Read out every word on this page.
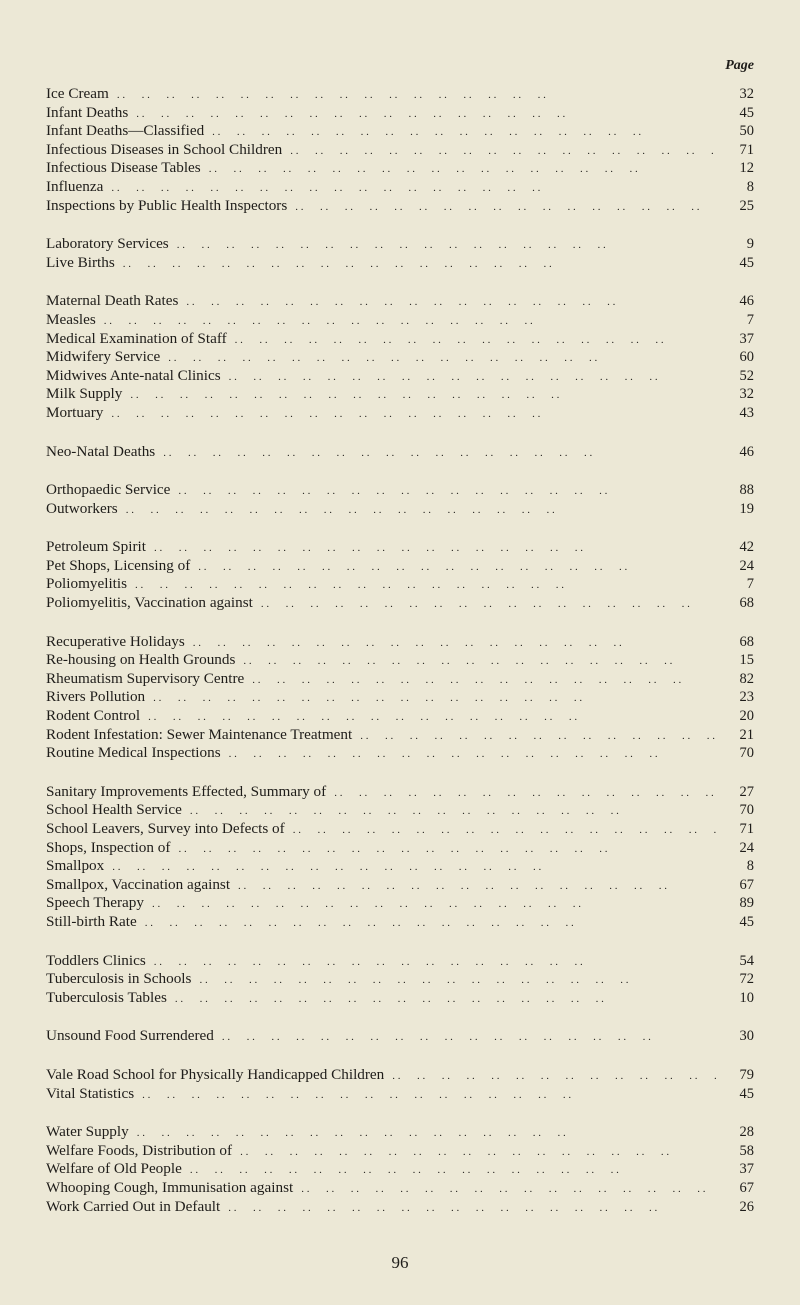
Page
Ice Cream . .	32
Infant Deaths . .	45
Infant Deaths—Classified . .	50
Infectious Diseases in School Children . .	71
Infectious Disease Tables . .	12
Influenza . .	8
Inspections by Public Health Inspectors . .	25
Laboratory Services . .	9
Live Births . .	45
Maternal Death Rates . .	46
Measles . .	7
Medical Examination of Staff . .	37
Midwifery Service . .	60
Midwives Ante-natal Clinics . .	52
Milk Supply . .	32
Mortuary . .	43
Neo-Natal Deaths . .	46
Orthopaedic Service . .	88
Outworkers . .	19
Petroleum Spirit . .	42
Pet Shops, Licensing of . .	24
Poliomyelitis . .	7
Poliomyelitis, Vaccination against . .	68
Recuperative Holidays . .	68
Re-housing on Health Grounds . .	15
Rheumatism Supervisory Centre . .	82
Rivers Pollution . .	23
Rodent Control . .	20
Rodent Infestation: Sewer Maintenance Treatment . .	21
Routine Medical Inspections . .	70
Sanitary Improvements Effected, Summary of . .	27
School Health Service . .	70
School Leavers, Survey into Defects of . .	71
Shops, Inspection of . .	24
Smallpox . .	8
Smallpox, Vaccination against . .	67
Speech Therapy . .	89
Still-birth Rate . .	45
Toddlers Clinics . .	54
Tuberculosis in Schools . .	72
Tuberculosis Tables . .	10
Unsound Food Surrendered . .	30
Vale Road School for Physically Handicapped Children . .	79
Vital Statistics . .	45
Water Supply . .	28
Welfare Foods, Distribution of . .	58
Welfare of Old People . .	37
Whooping Cough, Immunisation against . .	67
Work Carried Out in Default . .	26
96
